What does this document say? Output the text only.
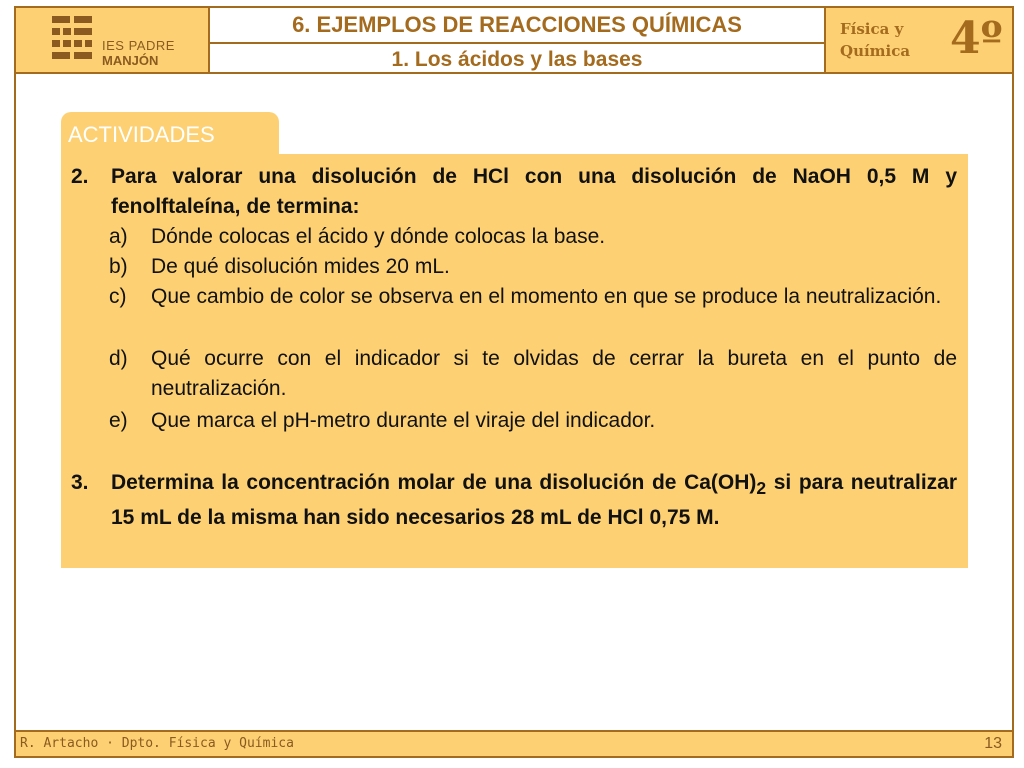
IES PADRE
MANJÓN
6. EJEMPLOS DE REACCIONES QUÍMICAS
1. Los ácidos y las bases
Física y
Química 4º
ACTIVIDADES
2. Para valorar una disolución de HCl con una disolución de NaOH 0,5 M y fenolftaleína, de termina:
a) Dónde colocas el ácido y dónde colocas la base.
b) De qué disolución mides 20 mL.
c) Que cambio de color se observa en el momento en que se produce la neutralización.
d) Qué ocurre con el indicador si te olvidas de cerrar la bureta en el punto de neutralización.
e) Que marca el pH-metro durante el viraje del indicador.
3. Determina la concentración molar de una disolución de $Ca(OH)_2$ si para neutralizar 15 mL de la misma han sido necesarios 28 mL de HCl 0,75 M.
R. Artacho · Dpto. Física y Química	13
